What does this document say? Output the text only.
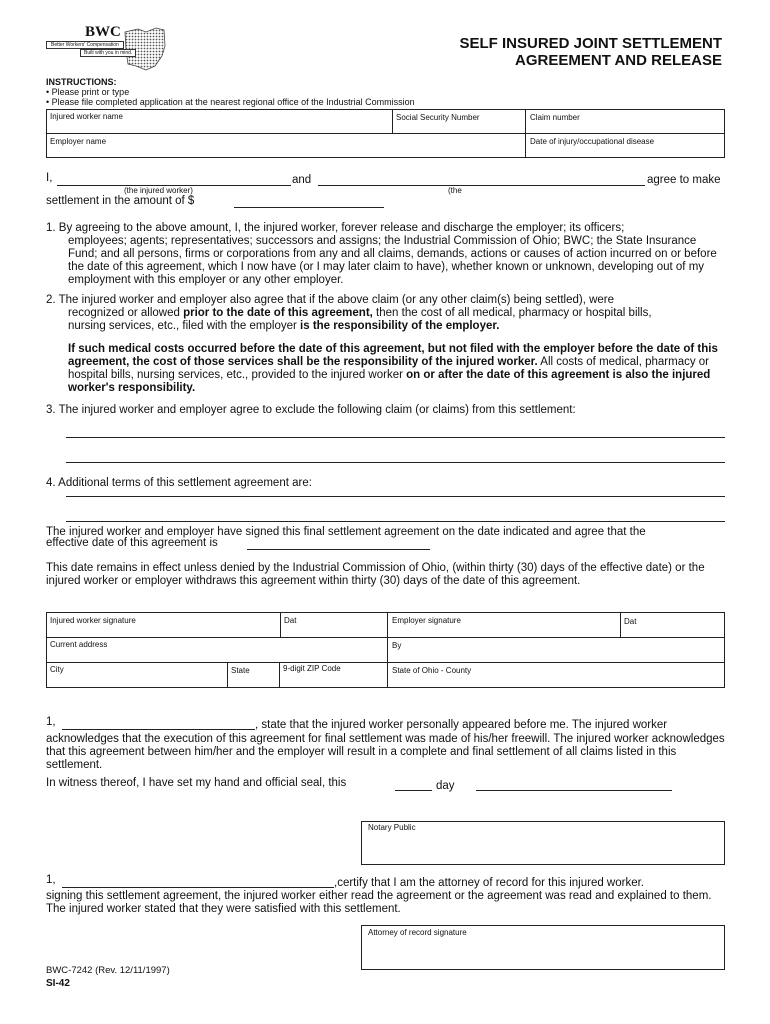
BWC
Better Workers' Compensation
Built with you in mind.
SELF INSURED JOINT SETTLEMENT
AGREEMENT AND RELEASE
INSTRUCTIONS:
• Please print or type
• Please file completed application at the nearest regional office of the Industrial Commission
Injured worker name	Social Security Number	Claim number
Employer name	Date of injury/occupational disease
I,	and	agree to make
(the injured worker)	(the
settlement in the amount of $

1. By agreeing to the above amount, I, the injured worker, forever release and discharge the employer; its officers;

employees; agents; representatives; successors and assigns; the Industrial Commission of Ohio; BWC; the State Insurance Fund; and all persons, firms or corporations from any and all claims, demands, actions or causes of action incurred on or before the date of this agreement, which I now have (or I may later claim to have), whether known or unknown, developing out of my employment with this employer or any other employer.

2. The injured worker and employer also agree that if the above claim (or any other claim(s) being settled), were

recognized or allowed prior to the date of this agreement, then the cost of all medical, pharmacy or hospital bills,

nursing services, etc., filed with the employer is the responsibility of the employer.

If such medical costs occurred before the date of this agreement, but not filed with the employer before the date of this agreement, the cost of those services shall be the responsibility of the injured worker. All costs of medical, pharmacy or hospital bills, nursing services, etc., provided to the injured worker on or after the date of this agreement is also the injured worker's responsibility.

3. The injured worker and employer agree to exclude the following claim (or claims) from this settlement:
4. Additional terms of this settlement agreement are:
The injured worker and employer have signed this final settlement agreement on the date indicated and agree that the
effective date of this agreement is
This date remains in effect unless denied by the Industrial Commission of Ohio, (within thirty (30) days of the effective date) or the injured worker or employer withdraws this agreement within thirty (30) days of the date of this agreement.
Injured worker signature	Dat	Employer signature	Dat
Current address	By
City	State	9-digit ZIP Code	State of Ohio - County
1,	, state that the injured worker personally appeared before me. The injured worker
acknowledges that the execution of this agreement for final settlement was made of his/her freewill. The injured worker acknowledges that this agreement between him/her and the employer will result in a complete and final settlement of all claims listed in this settlement.
In witness thereof, I have set my hand and official seal, this	day
Notary Public
1,	,certify that I am the attorney of record for this injured worker.
signing this settlement agreement, the injured worker either read the agreement or the agreement was read and explained to them. The injured worker stated that they were satisfied with this settlement.
Attorney of record signature
BWC-7242 (Rev. 12/11/1997)
SI-42
